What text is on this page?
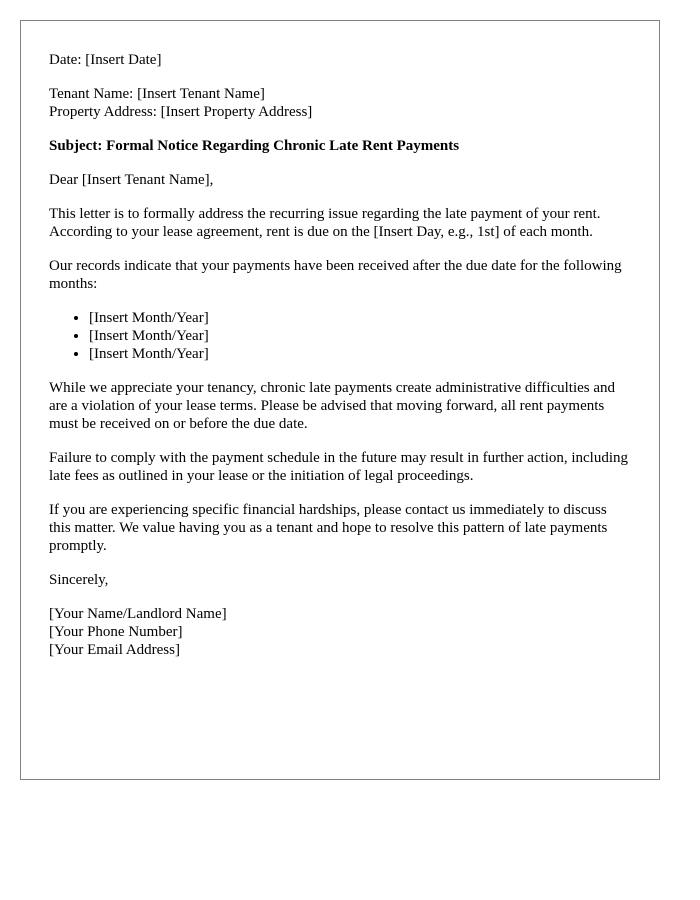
Date: [Insert Date]

Tenant Name: [Insert Tenant Name]
Property Address: [Insert Property Address]

Subject: Formal Notice Regarding Chronic Late Rent Payments

Dear [Insert Tenant Name],

This letter is to formally address the recurring issue regarding the late payment of your rent. According to your lease agreement, rent is due on the [Insert Day, e.g., 1st] of each month.

Our records indicate that your payments have been received after the due date for the following months:

• [Insert Month/Year]
• [Insert Month/Year]
• [Insert Month/Year]

While we appreciate your tenancy, chronic late payments create administrative difficulties and are a violation of your lease terms. Please be advised that moving forward, all rent payments must be received on or before the due date.

Failure to comply with the payment schedule in the future may result in further action, including late fees as outlined in your lease or the initiation of legal proceedings.

If you are experiencing specific financial hardships, please contact us immediately to discuss this matter. We value having you as a tenant and hope to resolve this pattern of late payments promptly.

Sincerely,

[Your Name/Landlord Name]
[Your Phone Number]
[Your Email Address]
